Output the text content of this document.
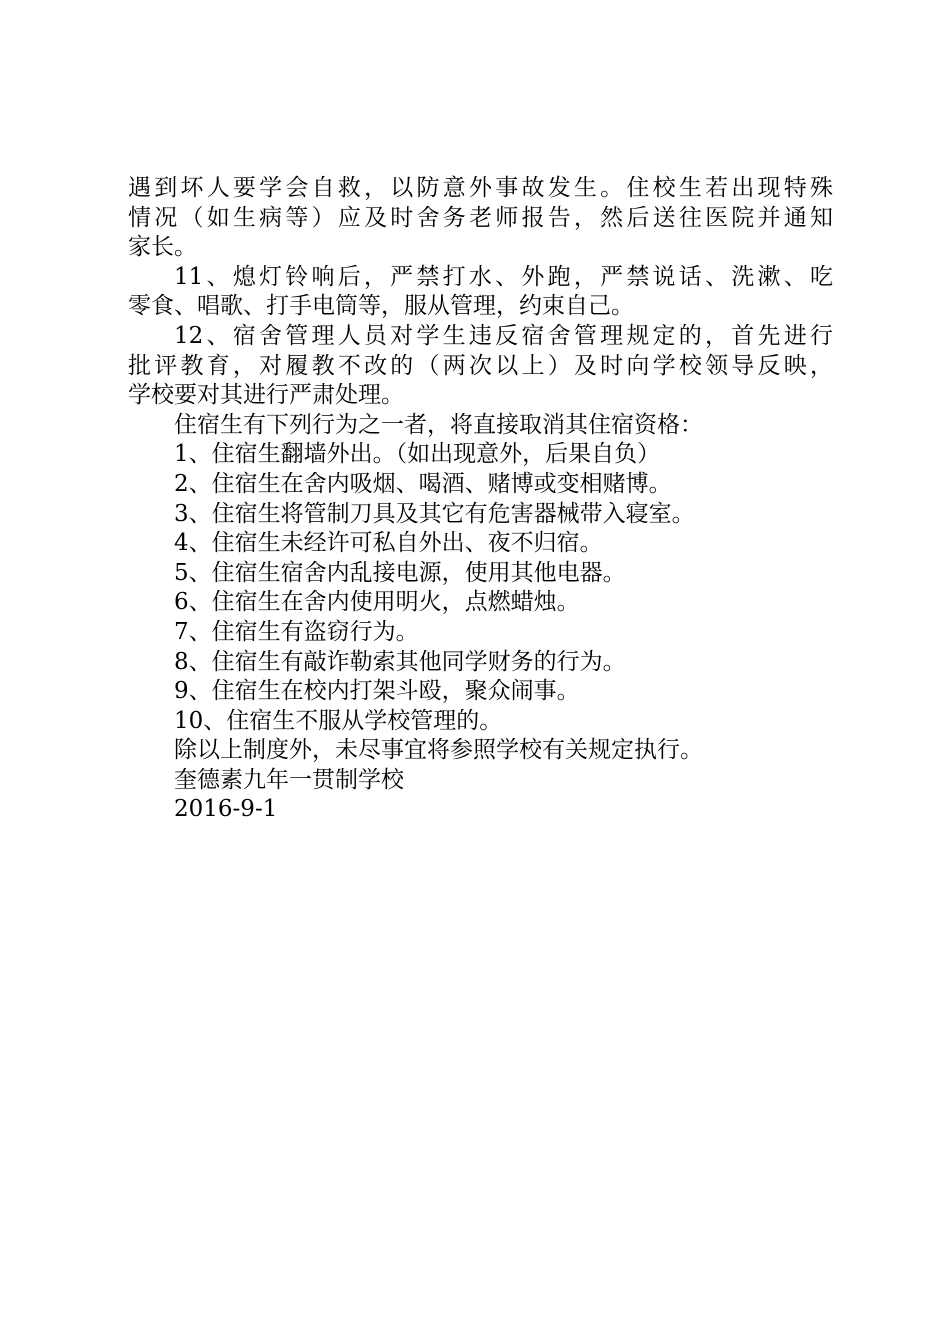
遇到坏人要学会自救，以防意外事故发生。住校生若出现特殊
情况（如生病等）应及时舍务老师报告，然后送往医院并通知
家长。
11、熄灯铃响后，严禁打水、外跑，严禁说话、洗漱、吃
零食、唱歌、打手电筒等，服从管理，约束自己。
12、宿舍管理人员对学生违反宿舍管理规定的，首先进行
批评教育，对履教不改的（两次以上）及时向学校领导反映，
学校要对其进行严肃处理。
住宿生有下列行为之一者，将直接取消其住宿资格：
1、住宿生翻墙外出。（如出现意外，后果自负）
2、住宿生在舍内吸烟、喝酒、赌博或变相赌博。
3、住宿生将管制刀具及其它有危害器械带入寝室。
4、住宿生未经许可私自外出、夜不归宿。
5、住宿生宿舍内乱接电源，使用其他电器。
6、住宿生在舍内使用明火，点燃蜡烛。
7、住宿生有盗窃行为。
8、住宿生有敲诈勒索其他同学财务的行为。
9、住宿生在校内打架斗殴，聚众闹事。
10、住宿生不服从学校管理的。
除以上制度外，未尽事宜将参照学校有关规定执行。
奎德素九年一贯制学校
2016-9-1
